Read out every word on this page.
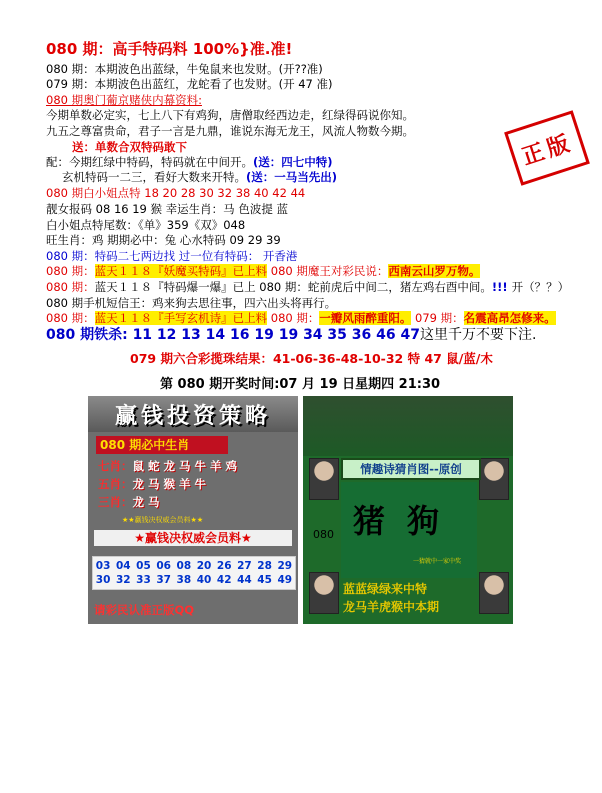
080 期：高手特码料 100%}准.准!
080 期：本期波色出蓝绿，牛兔鼠来也发财。(开??准)
079 期：本期波色出蓝红，龙蛇看了也发财。(开 47 准)
080 期奥门葡京赌侠内幕资料:
今期单数必定实，七上八下有鸡狗，唐僧取经西边走，红绿得码说你知。
九五之尊富贵命，君子一言是九鼎，谁说东海无龙王，风流人物数今期。
送：单数合双特码敢下
配：今期红绿中特码，特码就在中间开。(送：四七中特)
玄机特码一二三，看好大数来开特。(送：一马当先出)
080 期白小姐点特 18 20 28 30 32 38 40 42 44
靓女报码 08 16 19 猴 幸运生肖：马 色波提 蓝
白小姐点特尾数：《单》359《双》048
旺生肖：鸡 期期必中：兔 心水特码 09 29 39
080 期：特码二七两边找 过一位有特码： 开香港
080 期：蓝天１１８『妖魔买特码』已上料 080 期魔王对彩民说：西南云山罗万物。
080 期：蓝天１１８『特码爆一爆』已上 080 期：蛇前虎后中间二，猪左鸡右酉中间。!!! 开（？？）
080 期手机短信王：鸡来狗去思往事，四六出头将再行。
080 期：蓝天１１８『手写玄机诗』已上料 080 期：一瓣风雨醉重阳。 079 期：名震高昂怎修来。
080 期铁杀: 11 12 13 14 16 19 19 34 35 36 46 47这里千万不要下注.
079 期六合彩揽珠结果：41-06-36-48-10-32 特 47 鼠/蓝/木
第 080 期开奖时间:07 月 19 日星期四 21:30
正版
赢钱投资策略
080 期必中生肖
七肖：鼠 蛇 龙 马 牛 羊 鸡
五肖：龙 马 猴 羊 牛
三肖：龙 马
★★赢钱决权威会员料★★
★赢钱决权威会员料★
03 04 05 06 08 20 26 27 28 29
30 32 33 37 38 40 42 44 45 49
请彩民认准正版QQ
情趣诗猜肖图--原创
猪狗
080
一猜就中一家中奖
蓝蓝绿绿来中特
龙马羊虎猴中本期
